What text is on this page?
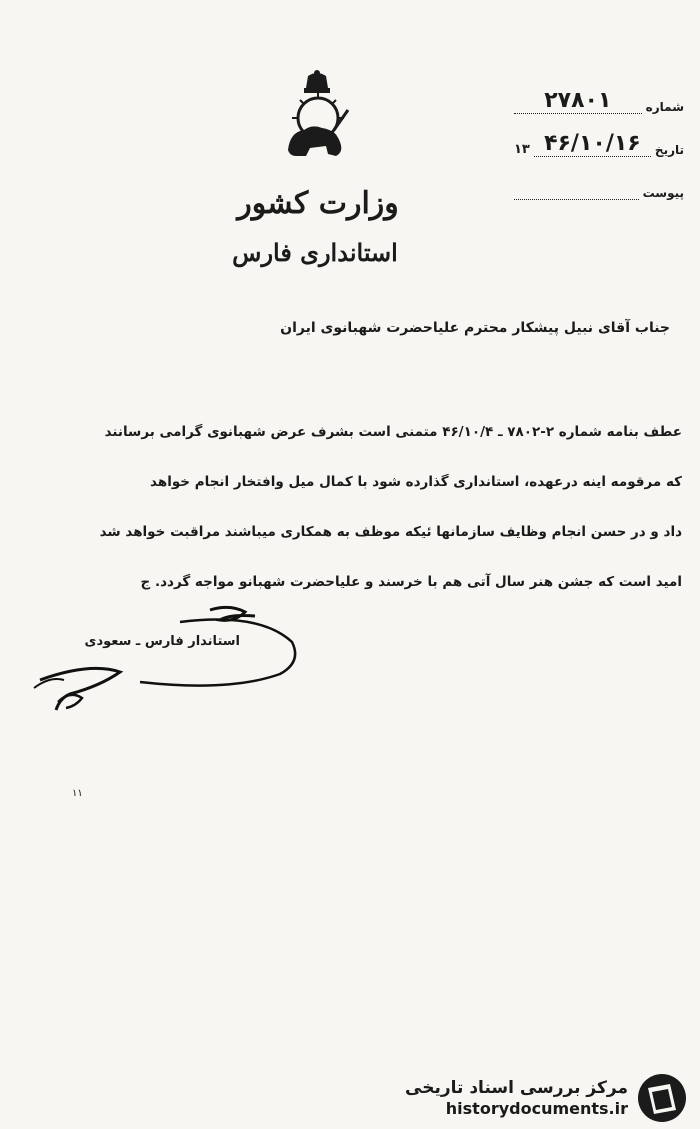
وزارت کشور
استانداری فارس
شماره
۲۷۸۰۱
تاریخ
۴۶/۱۰/۱۶
۱۳
پیوست
جناب آقای نبیل پیشکار محترم علیاحضرت شهبانوی ایران
عطف بنامه شماره ۲-۷۸۰۲ ـ ۴۶/۱۰/۴ متمنی است بشرف عرض شهبانوی گرامی برسانند
که مرقومه اینه درعهده، استانداری گذارده شود با کمال میل وافتخار انجام خواهد
داد و در حسن انجام وظایف سازمانها ئیکه موظف به همکاری میباشند مراقبت خواهد شد
امید است که جشن هنر سال آتی هم با خرسند و علیاحضرت شهبانو مواجه گردد. ج
استاندار فارس ـ سعودی
۱۱
مرکز بررسی اسناد تاریخی
historydocuments.ir
